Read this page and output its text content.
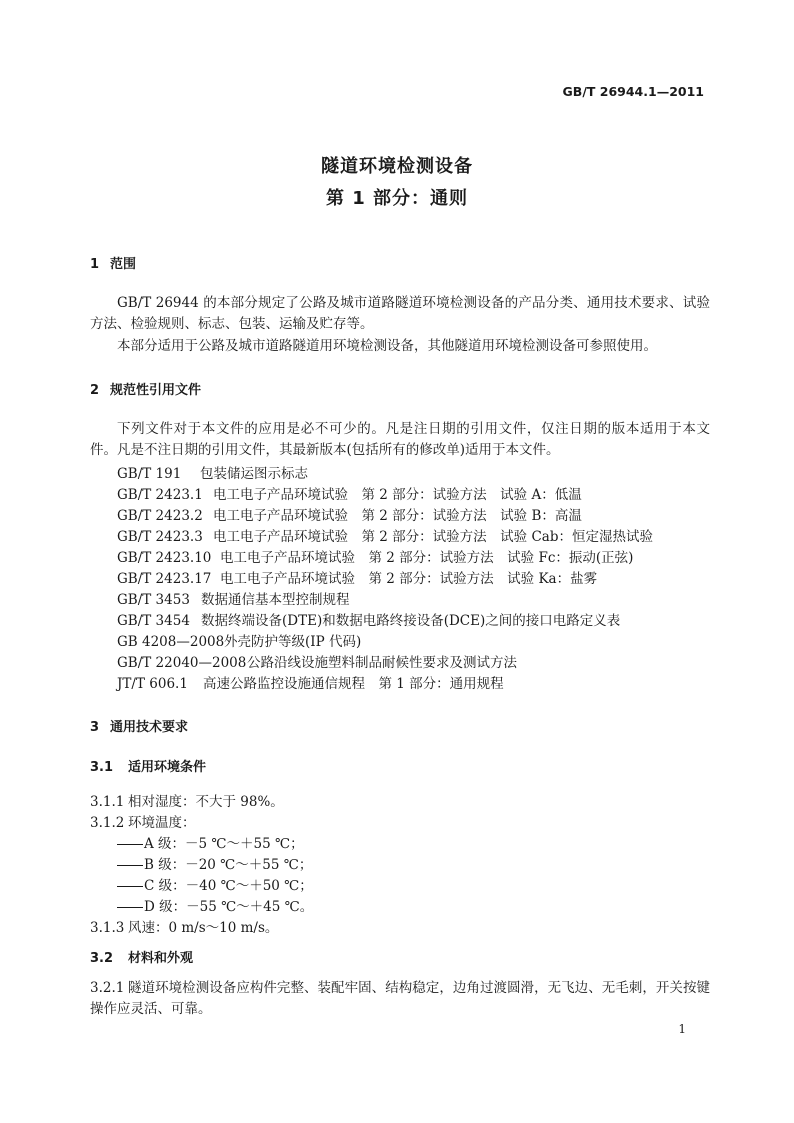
GB/T 26944.1—2011
隧道环境检测设备
第 1 部分：通则
1 范围
GB/T 26944 的本部分规定了公路及城市道路隧道环境检测设备的产品分类、通用技术要求、试验方法、检验规则、标志、包装、运输及贮存等。
本部分适用于公路及城市道路隧道用环境检测设备，其他隧道用环境检测设备可参照使用。
2 规范性引用文件
下列文件对于本文件的应用是必不可少的。凡是注日期的引用文件，仅注日期的版本适用于本文件。凡是不注日期的引用文件，其最新版本(包括所有的修改单)适用于本文件。
GB/T 191 包装储运图示标志
GB/T 2423.1 电工电子产品环境试验　第 2 部分：试验方法　试验 A：低温
GB/T 2423.2 电工电子产品环境试验　第 2 部分：试验方法　试验 B：高温
GB/T 2423.3 电工电子产品环境试验　第 2 部分：试验方法　试验 Cab：恒定湿热试验
GB/T 2423.10 电工电子产品环境试验　第 2 部分：试验方法　试验 Fc：振动(正弦)
GB/T 2423.17 电工电子产品环境试验　第 2 部分：试验方法　试验 Ka：盐雾
GB/T 3453 数据通信基本型控制规程
GB/T 3454 数据终端设备(DTE)和数据电路终接设备(DCE)之间的接口电路定义表
GB 4208—2008外壳防护等级(IP 代码)
GB/T 22040—2008公路沿线设施塑料制品耐候性要求及测试方法
JT/T 606.1 高速公路监控设施通信规程　第 1 部分：通用规程
3 通用技术要求
3.1 适用环境条件
3.1.1 相对湿度：不大于 98%。
3.1.2 环境温度：
A 级：－5 ℃～＋55 ℃；
B 级：－20 ℃～＋55 ℃；
C 级：－40 ℃～＋50 ℃；
D 级：－55 ℃～＋45 ℃。
3.1.3 风速：0 m/s～10 m/s。
3.2 材料和外观
3.2.1 隧道环境检测设备应构件完整、装配牢固、结构稳定，边角过渡圆滑，无飞边、无毛刺，开关按键操作应灵活、可靠。
1
